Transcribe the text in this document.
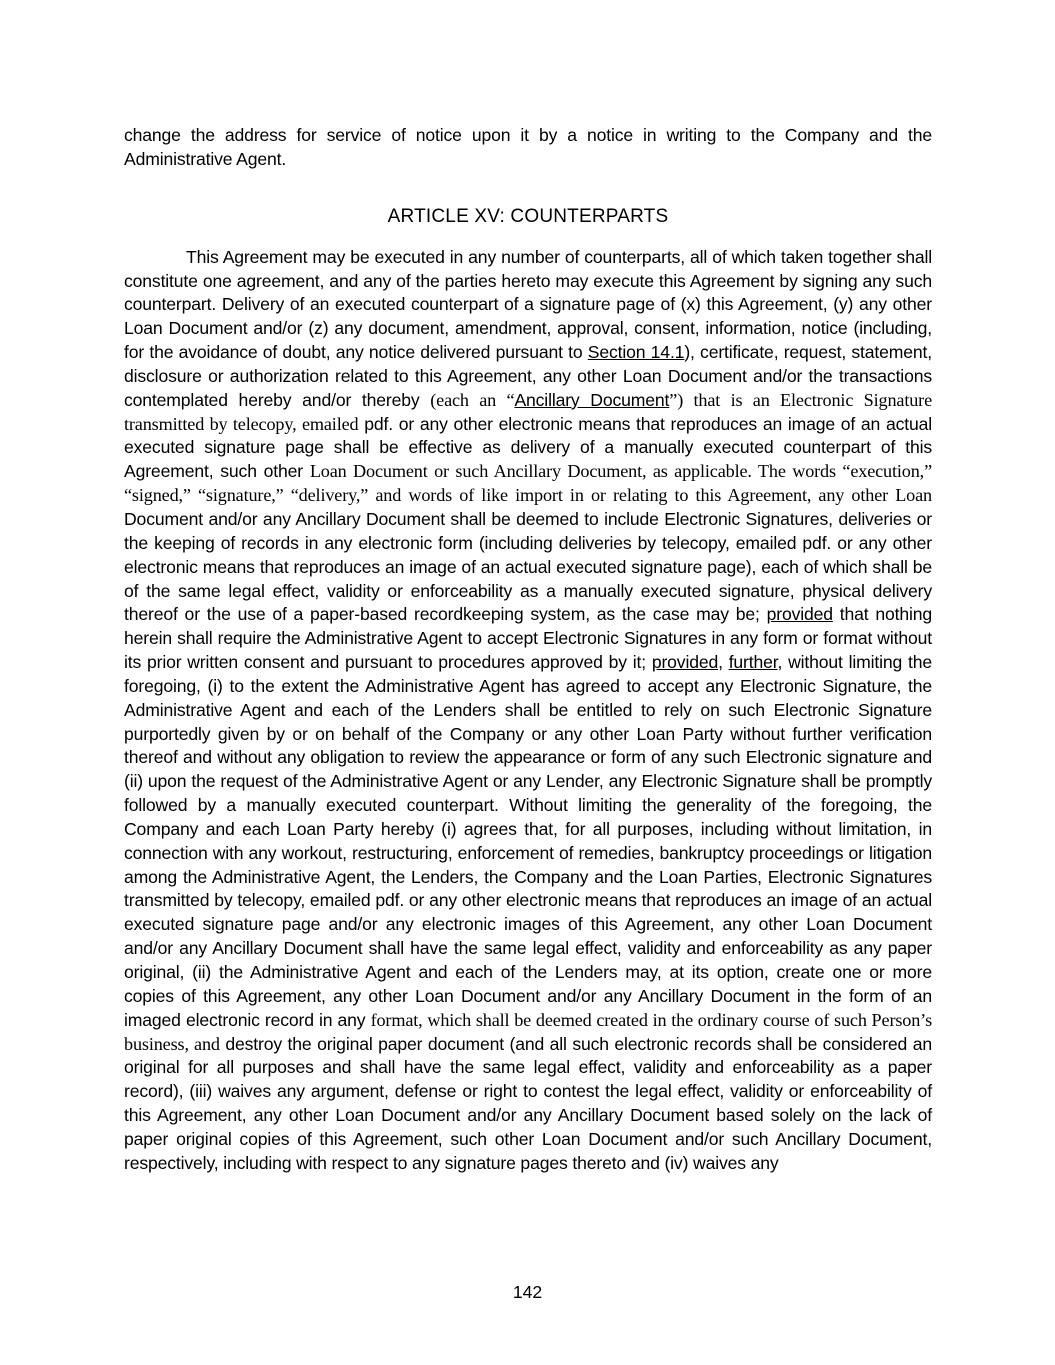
change the address for service of notice upon it by a notice in writing to the Company and the Administrative Agent.

ARTICLE XV: COUNTERPARTS

This Agreement may be executed in any number of counterparts, all of which taken together shall constitute one agreement, and any of the parties hereto may execute this Agreement by signing any such counterpart. Delivery of an executed counterpart of a signature page of (x) this Agreement, (y) any other Loan Document and/or (z) any document, amendment, approval, consent, information, notice (including, for the avoidance of doubt, any notice delivered pursuant to Section 14.1), certificate, request, statement, disclosure or authorization related to this Agreement, any other Loan Document and/or the transactions contemplated hereby and/or thereby (each an “Ancillary Document”) that is an Electronic Signature transmitted by telecopy, emailed pdf. or any other electronic means that reproduces an image of an actual executed signature page shall be effective as delivery of a manually executed counterpart of this Agreement, such other Loan Document or such Ancillary Document, as applicable. The words “execution,” “signed,” “signature,” “delivery,” and words of like import in or relating to this Agreement, any other Loan Document and/or any Ancillary Document shall be deemed to include Electronic Signatures, deliveries or the keeping of records in any electronic form (including deliveries by telecopy, emailed pdf. or any other electronic means that reproduces an image of an actual executed signature page), each of which shall be of the same legal effect, validity or enforceability as a manually executed signature, physical delivery thereof or the use of a paper-based recordkeeping system, as the case may be; provided that nothing herein shall require the Administrative Agent to accept Electronic Signatures in any form or format without its prior written consent and pursuant to procedures approved by it; provided, further, without limiting the foregoing, (i) to the extent the Administrative Agent has agreed to accept any Electronic Signature, the Administrative Agent and each of the Lenders shall be entitled to rely on such Electronic Signature purportedly given by or on behalf of the Company or any other Loan Party without further verification thereof and without any obligation to review the appearance or form of any such Electronic signature and (ii) upon the request of the Administrative Agent or any Lender, any Electronic Signature shall be promptly followed by a manually executed counterpart. Without limiting the generality of the foregoing, the Company and each Loan Party hereby (i) agrees that, for all purposes, including without limitation, in connection with any workout, restructuring, enforcement of remedies, bankruptcy proceedings or litigation among the Administrative Agent, the Lenders, the Company and the Loan Parties, Electronic Signatures transmitted by telecopy, emailed pdf. or any other electronic means that reproduces an image of an actual executed signature page and/or any electronic images of this Agreement, any other Loan Document and/or any Ancillary Document shall have the same legal effect, validity and enforceability as any paper original, (ii) the Administrative Agent and each of the Lenders may, at its option, create one or more copies of this Agreement, any other Loan Document and/or any Ancillary Document in the form of an imaged electronic record in any format, which shall be deemed created in the ordinary course of such Person’s business, and destroy the original paper document (and all such electronic records shall be considered an original for all purposes and shall have the same legal effect, validity and enforceability as a paper record), (iii) waives any argument, defense or right to contest the legal effect, validity or enforceability of this Agreement, any other Loan Document and/or any Ancillary Document based solely on the lack of paper original copies of this Agreement, such other Loan Document and/or such Ancillary Document, respectively, including with respect to any signature pages thereto and (iv) waives any

142
